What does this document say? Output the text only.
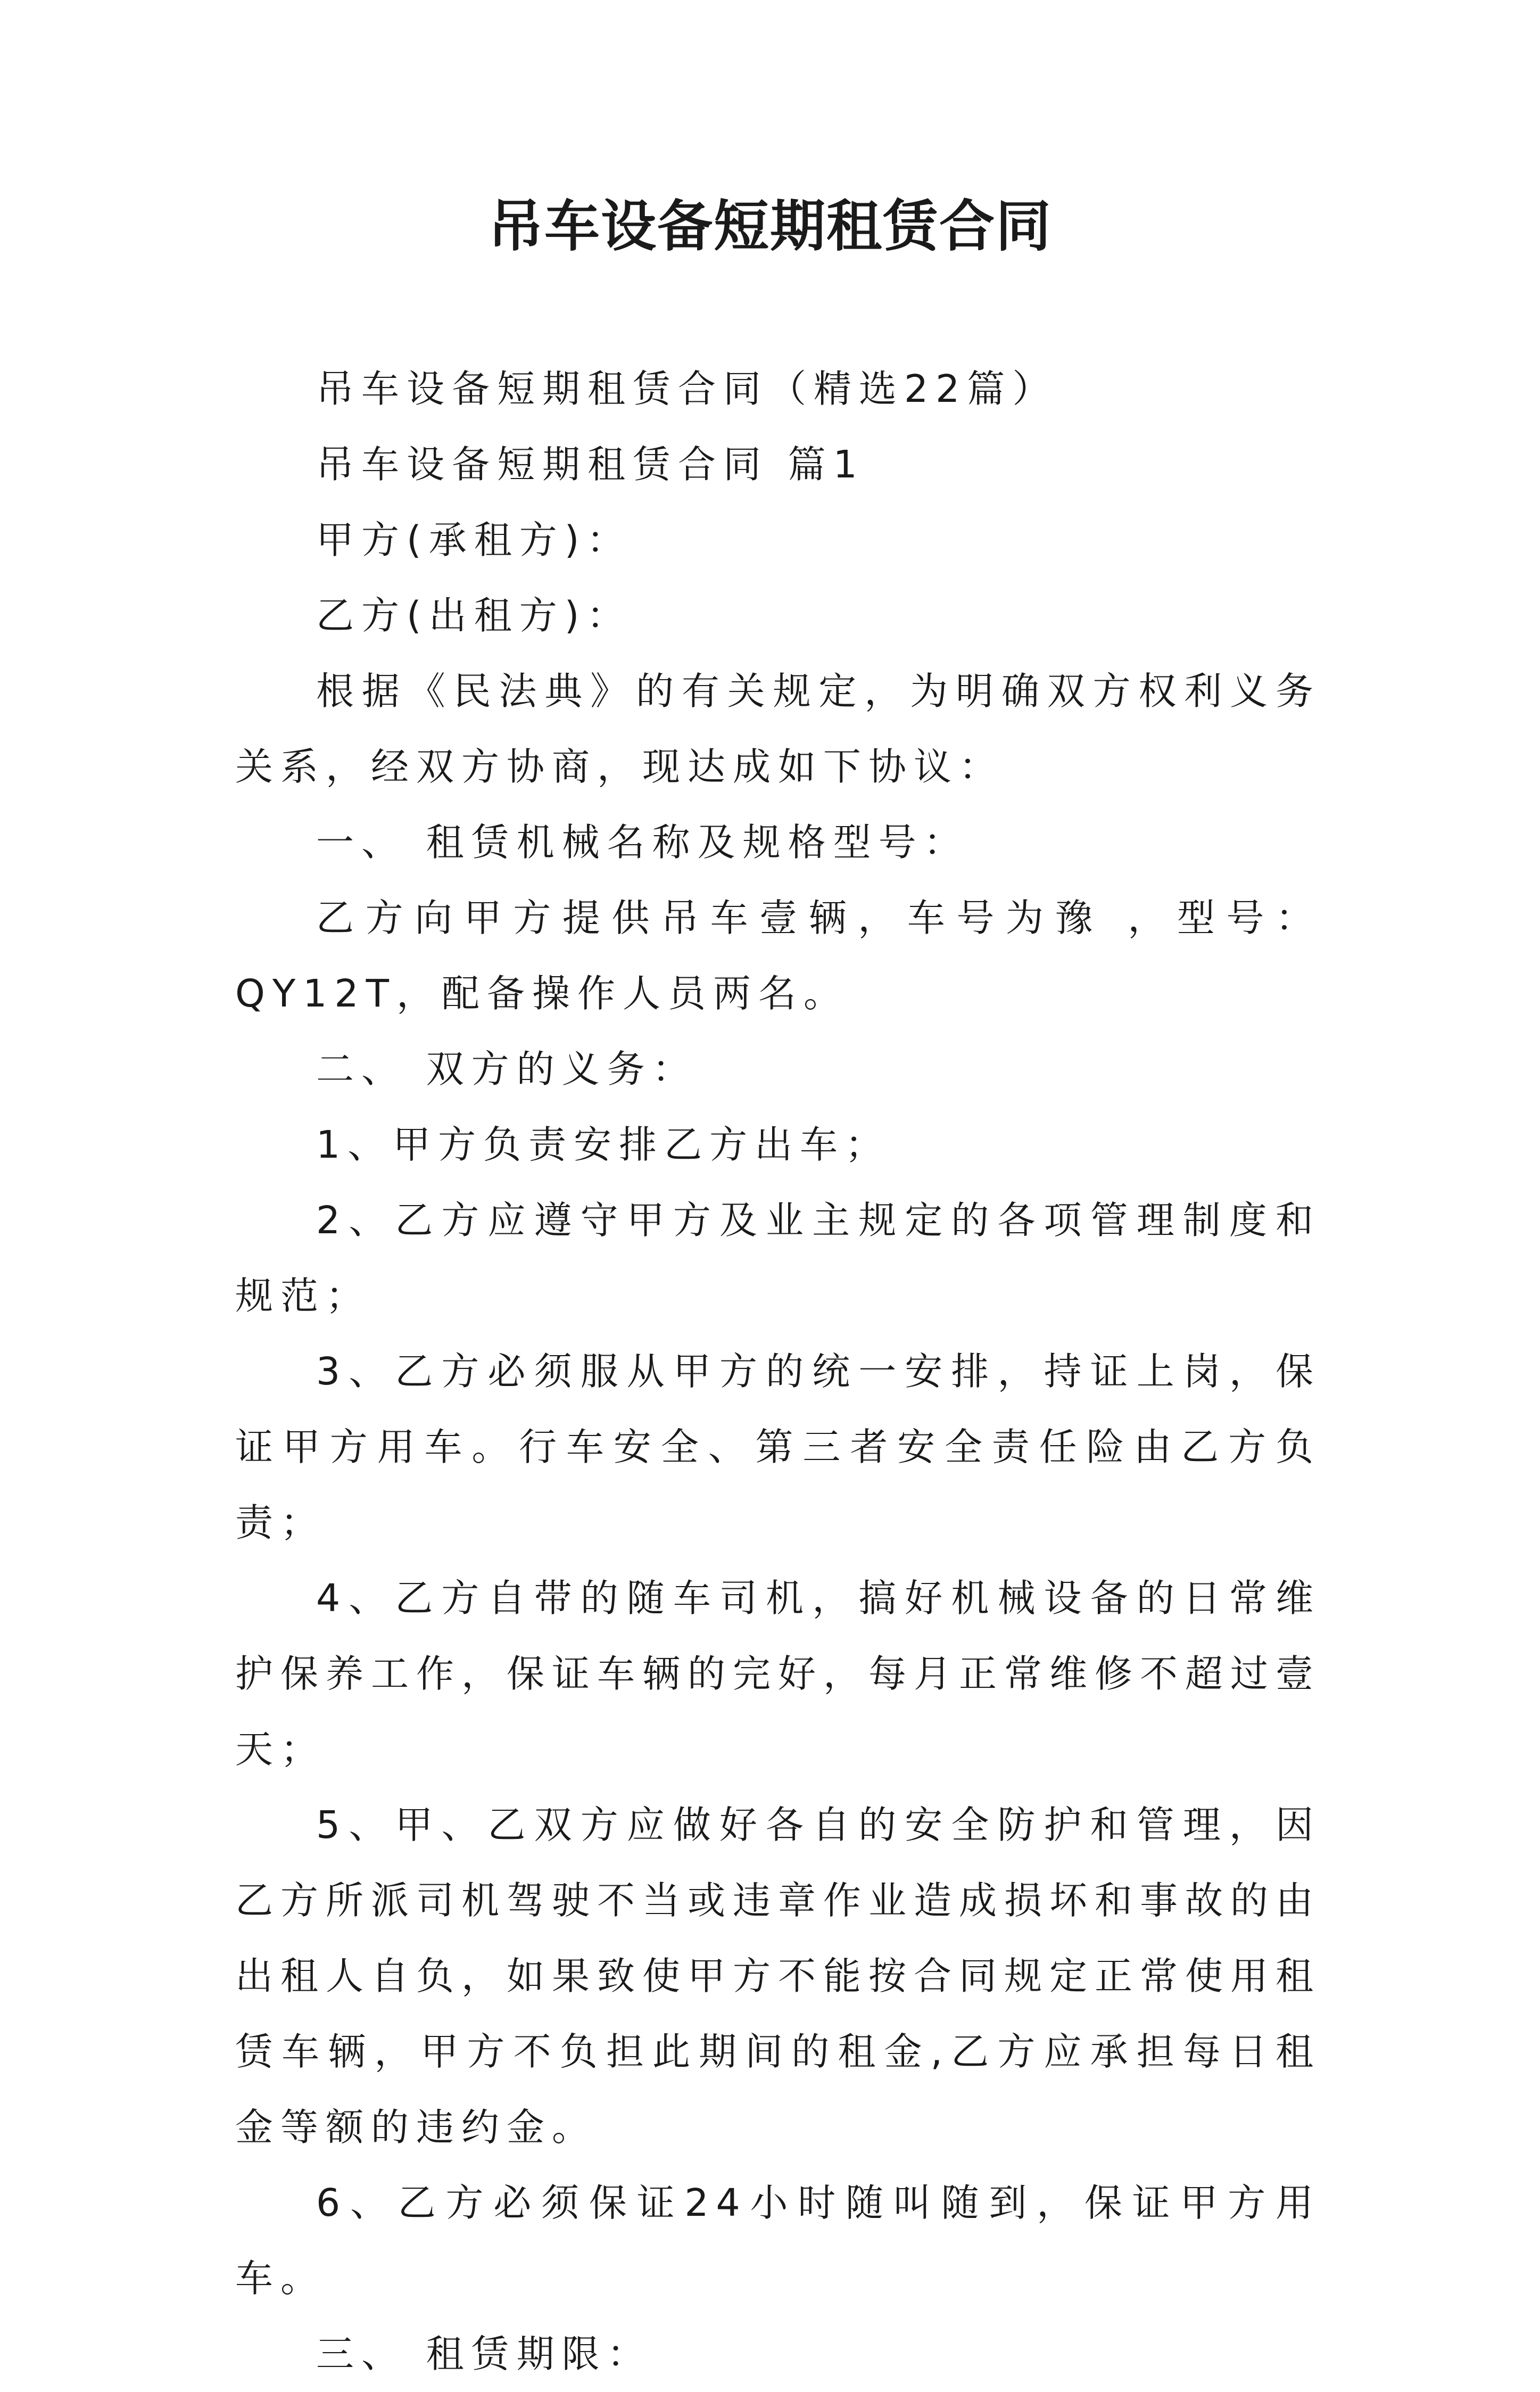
吊车设备短期租赁合同

吊车设备短期租赁合同（精选22篇）

吊车设备短期租赁合同 篇1

甲方(承租方)：

乙方(出租方)：

根据《民法典》的有关规定，为明确双方权利义务关系，经双方协商，现达成如下协议：

一、 租赁机械名称及规格型号：

乙方向甲方提供吊车壹辆，车号为豫 ，型号：QY12T，配备操作人员两名。

二、 双方的义务：

1、甲方负责安排乙方出车；

2、乙方应遵守甲方及业主规定的各项管理制度和规范；

3、乙方必须服从甲方的统一安排，持证上岗，保证甲方用车。行车安全、第三者安全责任险由乙方负责；

4、乙方自带的随车司机，搞好机械设备的日常维护保养工作，保证车辆的完好，每月正常维修不超过壹天；

5、甲、乙双方应做好各自的安全防护和管理，因乙方所派司机驾驶不当或违章作业造成损坏和事故的由出租人自负，如果致使甲方不能按合同规定正常使用租赁车辆，甲方不负担此期间的租金,乙方应承担每日租金等额的违约金。

6、乙方必须保证24小时随叫随到，保证甲方用车。

三、 租赁期限：
